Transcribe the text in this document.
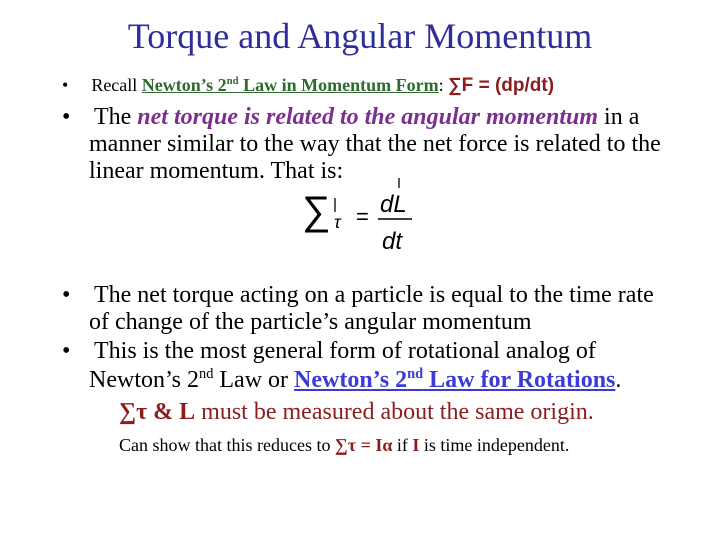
Torque and Angular Momentum
• Recall Newton’s 2nd Law in Momentum Form: ∑F = (dp/dt)
• The net torque is related to the angular momentum in a
manner similar to the way that the net force is related to the
linear momentum. That is:
∑ τ = dL
dt
• The net torque acting on a particle is equal to the time rate
of change of the particle’s angular momentum
• This is the most general form of rotational analog of
Newton’s 2nd Law or Newton’s 2nd Law for Rotations.
∑τ & L must be measured about the same origin.
Can show that this reduces to ∑τ = Iα if I is time independent.
